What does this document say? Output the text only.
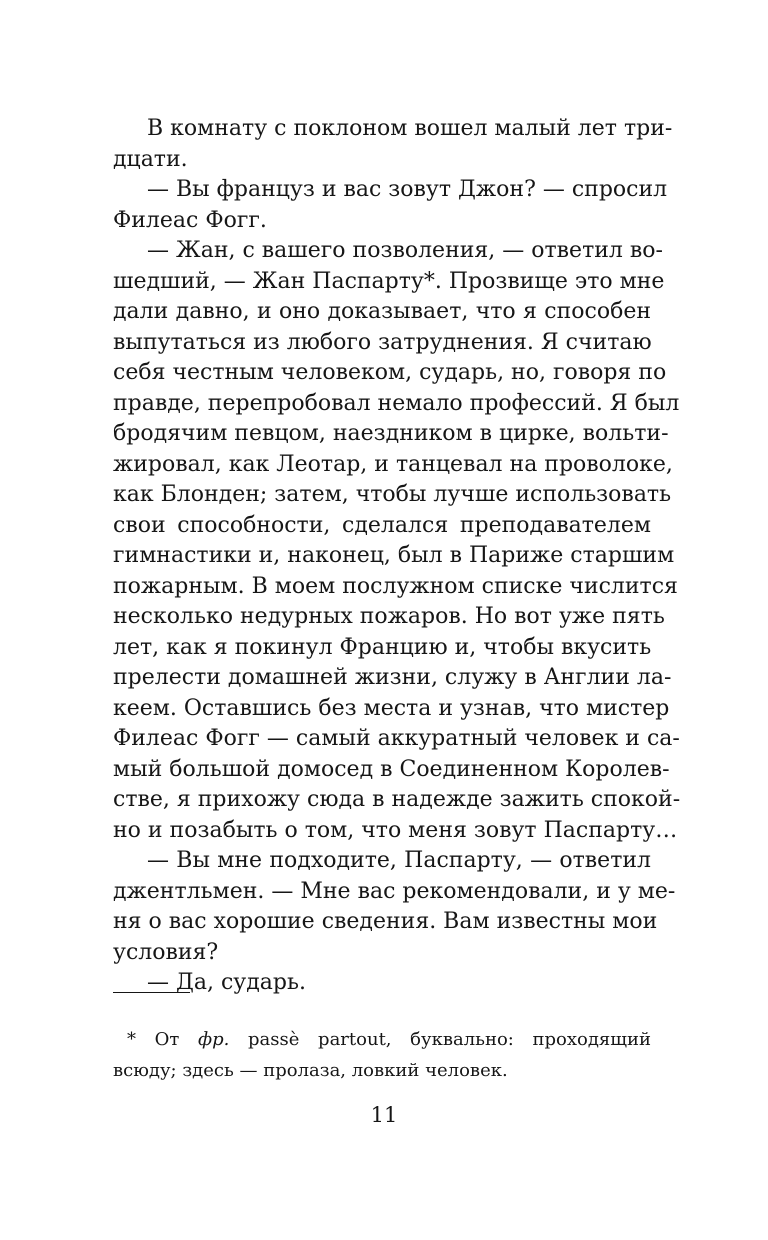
В комнату с поклоном вошел малый лет три-
дцати.
— Вы француз и вас зовут Джон? — спросил
Филеас Фогг.
— Жан, с вашего позволения, — ответил во-
шедший, — Жан Паспарту*. Прозвище это мне
дали давно, и оно доказывает, что я способен
выпутаться из любого затруднения. Я считаю
себя честным человеком, сударь, но, говоря по
правде, перепробовал немало профессий. Я был
бродячим певцом, наездником в цирке, вольти-
жировал, как Леотар, и танцевал на проволоке,
как Блонден; затем, чтобы лучше использовать
свои способности, сделался преподавателем
гимнастики и, наконец, был в Париже старшим
пожарным. В моем послужном списке числится
несколько недурных пожаров. Но вот уже пять
лет, как я покинул Францию и, чтобы вкусить
прелести домашней жизни, служу в Англии ла-
кеем. Оставшись без места и узнав, что мистер
Филеас Фогг — самый аккуратный человек и са-
мый большой домосед в Соединенном Королев-
стве, я прихожу сюда в надежде зажить спокой-
но и позабыть о том, что меня зовут Паспарту…
— Вы мне подходите, Паспарту, — ответил
джентльмен. — Мне вас рекомендовали, и у ме-
ня о вас хорошие сведения. Вам известны мои
условия?
— Да, сударь.
* От фр. passè partout, буквально: проходящий
всюду; здесь — пролаза, ловкий человек.
11
